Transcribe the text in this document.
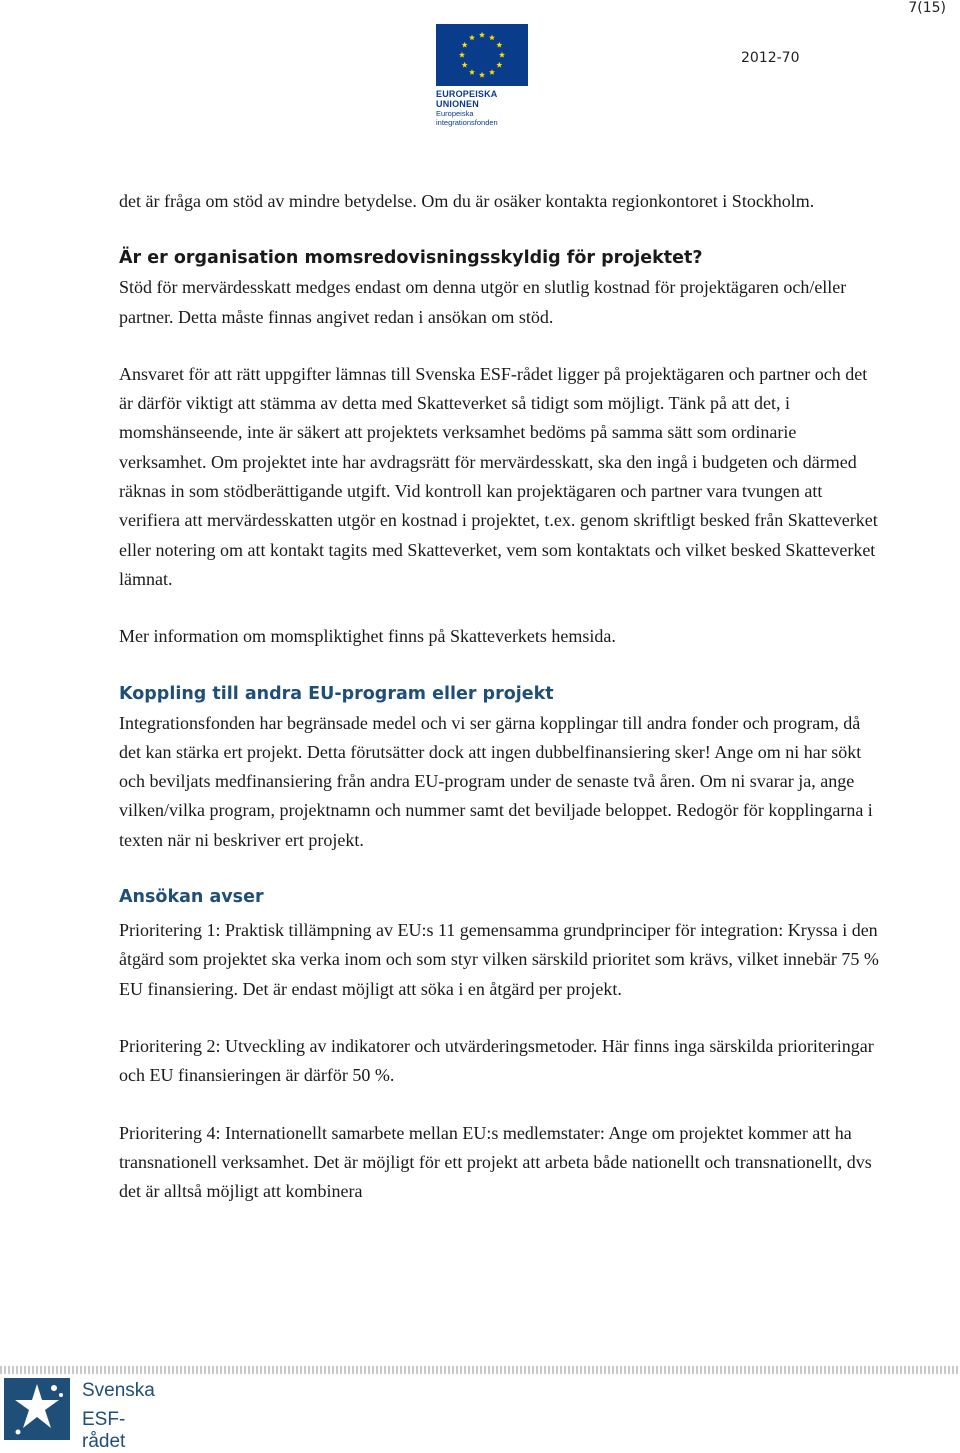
7(15)
EUROPEISKA UNIONEN
Europeiska integrationsfonden
2012-70

det är fråga om stöd av mindre betydelse. Om du är osäker kontakta regionkontoret i Stockholm.

Är er organisation momsredovisningsskyldig för projektet?

Stöd för mervärdesskatt medges endast om denna utgör en slutlig kostnad för projektägaren och/eller partner. Detta måste finnas angivet redan i ansökan om stöd.

Ansvaret för att rätt uppgifter lämnas till Svenska ESF-rådet ligger på projektägaren och partner och det är därför viktigt att stämma av detta med Skatteverket så tidigt som möjligt. Tänk på att det, i momshänseende, inte är säkert att projektets verksamhet bedöms på samma sätt som ordinarie verksamhet. Om projektet inte har avdragsrätt för mervärdesskatt, ska den ingå i budgeten och därmed räknas in som stödberättigande utgift. Vid kontroll kan projektägaren och partner vara tvungen att verifiera att mervärdesskatten utgör en kostnad i projektet, t.ex. genom skriftligt besked från Skatteverket eller notering om att kontakt tagits med Skatteverket, vem som kontaktats och vilket besked Skatteverket lämnat.

Mer information om momspliktighet finns på Skatteverkets hemsida.

Koppling till andra EU-program eller projekt

Integrationsfonden har begränsade medel och vi ser gärna kopplingar till andra fonder och program, då det kan stärka ert projekt. Detta förutsätter dock att ingen dubbelfinansiering sker! Ange om ni har sökt och beviljats medfinansiering från andra EU-program under de senaste två åren. Om ni svarar ja, ange vilken/vilka program, projektnamn och nummer samt det beviljade beloppet. Redogör för kopplingarna i texten när ni beskriver ert projekt.

Ansökan avser

Prioritering 1: Praktisk tillämpning av EU:s 11 gemensamma grundprinciper för integration: Kryssa i den åtgärd som projektet ska verka inom och som styr vilken särskild prioritet som krävs, vilket innebär 75 % EU finansiering. Det är endast möjligt att söka i en åtgärd per projekt.

Prioritering 2: Utveckling av indikatorer och utvärderingsmetoder. Här finns inga särskilda prioriteringar och EU finansieringen är därför 50 %.

Prioritering 4: Internationellt samarbete mellan EU:s medlemstater: Ange om projektet kommer att ha transnationell verksamhet. Det är möjligt för ett projekt att arbeta både nationellt och transnationellt, dvs det är alltså möjligt att kombinera

Svenska
ESF-rådet
